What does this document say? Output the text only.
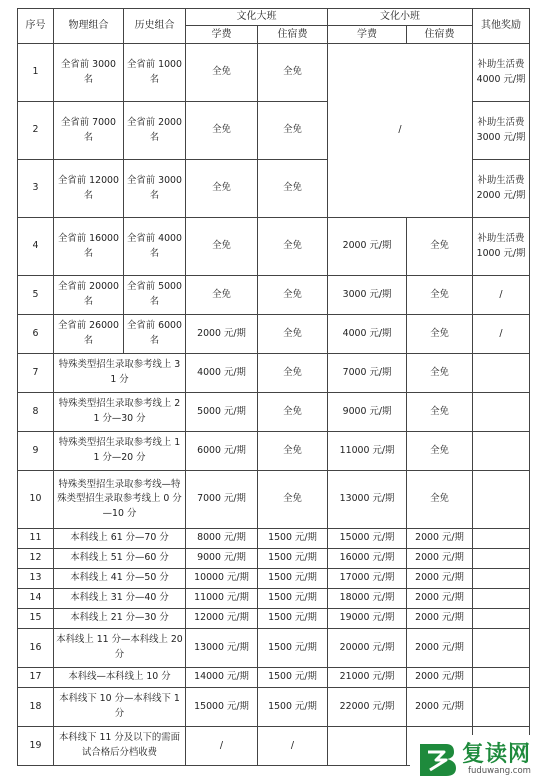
序号	物理组合	历史组合	文化大班		文化小班		其他奖励
			学费	住宿费	学费	住宿费	
1	全省前 3000 名	全省前 1000 名	全免	全免	/		补助生活费 4000 元/期
2	全省前 7000 名	全省前 2000 名	全免	全免			补助生活费 3000 元/期
3	全省前 12000 名	全省前 3000 名	全免	全免			补助生活费 2000 元/期
4	全省前 16000 名	全省前 4000 名	全免	全免	2000 元/期	全免	补助生活费 1000 元/期
5	全省前 20000 名	全省前 5000 名	全免	全免	3000 元/期	全免	/
6	全省前 26000 名	全省前 6000 名	2000 元/期	全免	4000 元/期	全免	/
7	特殊类型招生录取参考线上 31 分		4000 元/期	全免	7000 元/期	全免	
8	特殊类型招生录取参考线上 21 分—30 分		5000 元/期	全免	9000 元/期	全免	
9	特殊类型招生录取参考线上 11 分—20 分		6000 元/期	全免	11000 元/期	全免	
10	特殊类型招生录取参考线—特殊类型招生录取参考线上 0 分—10 分		7000 元/期	全免	13000 元/期	全免	
11	本科线上 61 分—70 分		8000 元/期	1500 元/期	15000 元/期	2000 元/期	
12	本科线上 51 分—60 分		9000 元/期	1500 元/期	16000 元/期	2000 元/期	
13	本科线上 41 分—50 分		10000 元/期	1500 元/期	17000 元/期	2000 元/期	
14	本科线上 31 分—40 分		11000 元/期	1500 元/期	18000 元/期	2000 元/期	
15	本科线上 21 分—30 分		12000 元/期	1500 元/期	19000 元/期	2000 元/期	
16	本科线上 11 分—本科线上 20 分		13000 元/期	1500 元/期	20000 元/期	2000 元/期	
17	本科线—本科线上 10 分		14000 元/期	1500 元/期	21000 元/期	2000 元/期	
18	本科线下 10 分—本科线下 1 分		15000 元/期	1500 元/期	22000 元/期	2000 元/期	
19	本科线下 11 分及以下的需面试合格后分档收费		/	/				复读网
fuduwang.com
